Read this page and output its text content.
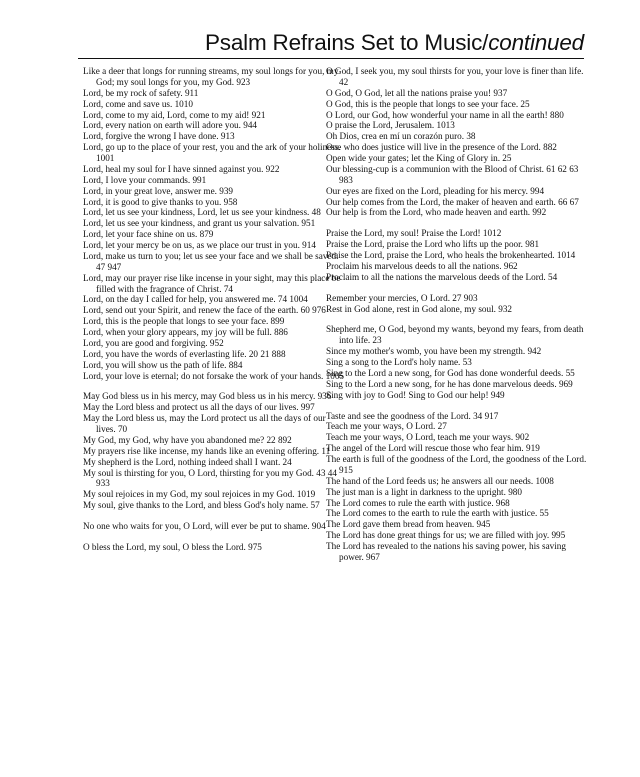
Psalm Refrains Set to Music/continued
Like a deer that longs for running streams, my soul longs for you, my God; my soul longs for you, my God. 923
Lord, be my rock of safety. 911
Lord, come and save us. 1010
Lord, come to my aid, Lord, come to my aid! 921
Lord, every nation on earth will adore you. 944
Lord, forgive the wrong I have done. 913
Lord, go up to the place of your rest, you and the ark of your holiness. 1001
Lord, heal my soul for I have sinned against you. 922
Lord, I love your commands. 991
Lord, in your great love, answer me. 939
Lord, it is good to give thanks to you. 958
Lord, let us see your kindness, Lord, let us see your kindness. 48
Lord, let us see your kindness, and grant us your salvation. 951
Lord, let your face shine on us. 879
Lord, let your mercy be on us, as we place our trust in you. 914
Lord, make us turn to you; let us see your face and we shall be saved. 47 947
Lord, may our prayer rise like incense in your sight, may this place be filled with the fragrance of Christ. 74
Lord, on the day I called for help, you answered me. 74 1004
Lord, send out your Spirit, and renew the face of the earth. 60 976
Lord, this is the people that longs to see your face. 899
Lord, when your glory appears, my joy will be full. 886
Lord, you are good and forgiving. 952
Lord, you have the words of everlasting life. 20 21 888
Lord, you will show us the path of life. 884
Lord, your love is eternal; do not forsake the work of your hands. 1005
May God bless us in his mercy, may God bless us in his mercy. 936
May the Lord bless and protect us all the days of our lives. 997
May the Lord bless us, may the Lord protect us all the days of our lives. 70
My God, my God, why have you abandoned me? 22 892
My prayers rise like incense, my hands like an evening offering. 11
My shepherd is the Lord, nothing indeed shall I want. 24
My soul is thirsting for you, O Lord, thirsting for you my God. 43 44 933
My soul rejoices in my God, my soul rejoices in my God. 1019
My soul, give thanks to the Lord, and bless God's holy name. 57
No one who waits for you, O Lord, will ever be put to shame. 904
O bless the Lord, my soul, O bless the Lord. 975
O God, I seek you, my soul thirsts for you, your love is finer than life. 42
O God, O God, let all the nations praise you! 937
O God, this is the people that longs to see your face. 25
O Lord, our God, how wonderful your name in all the earth! 880
O praise the Lord, Jerusalem. 1013
Oh Dios, crea en mí un corazón puro. 38
One who does justice will live in the presence of the Lord. 882
Open wide your gates; let the King of Glory in. 25
Our blessing-cup is a communion with the Blood of Christ. 61 62 63 983
Our eyes are fixed on the Lord, pleading for his mercy. 994
Our help comes from the Lord, the maker of heaven and earth. 66 67
Our help is from the Lord, who made heaven and earth. 992
Praise the Lord, my soul! Praise the Lord! 1012
Praise the Lord, praise the Lord who lifts up the poor. 981
Praise the Lord, praise the Lord, who heals the brokenhearted. 1014
Proclaim his marvelous deeds to all the nations. 962
Proclaim to all the nations the marvelous deeds of the Lord. 54
Remember your mercies, O Lord. 27 903
Rest in God alone, rest in God alone, my soul. 932
Shepherd me, O God, beyond my wants, beyond my fears, from death into life. 23
Since my mother's womb, you have been my strength. 942
Sing a song to the Lord's holy name. 53
Sing to the Lord a new song, for God has done wonderful deeds. 55
Sing to the Lord a new song, for he has done marvelous deeds. 969
Sing with joy to God! Sing to God our help! 949
Taste and see the goodness of the Lord. 34 917
Teach me your ways, O Lord. 27
Teach me your ways, O Lord, teach me your ways. 902
The angel of the Lord will rescue those who fear him. 919
The earth is full of the goodness of the Lord, the goodness of the Lord. 915
The hand of the Lord feeds us; he answers all our needs. 1008
The just man is a light in darkness to the upright. 980
The Lord comes to rule the earth with justice. 968
The Lord comes to the earth to rule the earth with justice. 55
The Lord gave them bread from heaven. 945
The Lord has done great things for us; we are filled with joy. 995
The Lord has revealed to the nations his saving power, his saving power. 967
